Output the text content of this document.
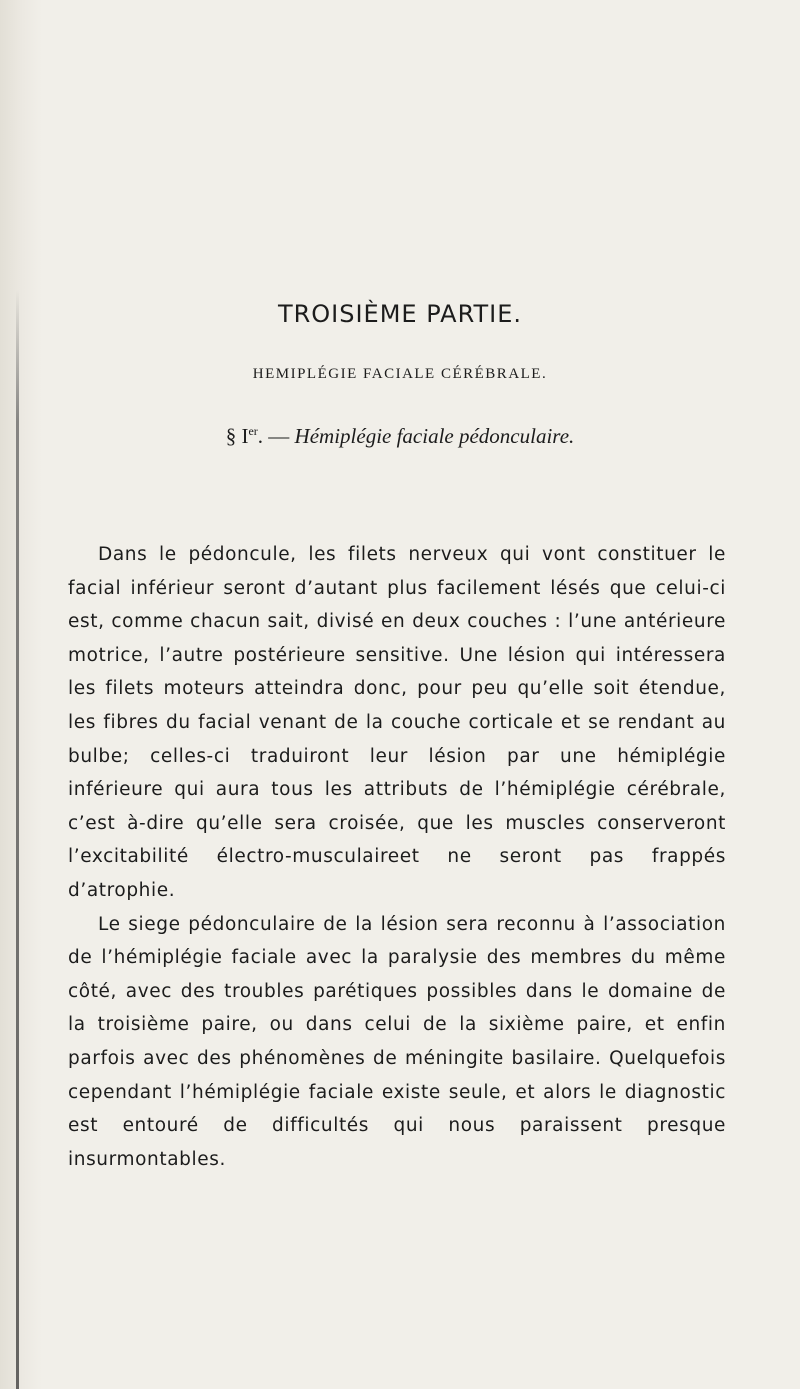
TROISIÈME PARTIE.
HEMIPLÉGIE FACIALE CÉRÉBRALE.
§ Ier. — Hémiplégie faciale pédonculaire.

Dans le pédoncule, les filets nerveux qui vont constituer le facial inférieur seront d’autant plus facilement lésés que celui-ci est, comme chacun sait, divisé en deux couches : l’une antérieure motrice, l’autre postérieure sensitive. Une lésion qui intéressera les filets moteurs atteindra donc, pour peu qu’elle soit étendue, les fibres du facial venant de la couche corticale et se rendant au bulbe; celles-ci traduiront leur lésion par une hémiplégie inférieure qui aura tous les attributs de l’hémiplégie cérébrale, c’est à-dire qu’elle sera croisée, que les muscles conserveront l’excitabilité électro-musculaireet ne seront pas frappés d’atrophie.

Le siege pédonculaire de la lésion sera reconnu à l’association de l’hémiplégie faciale avec la paralysie des membres du même côté, avec des troubles parétiques possibles dans le domaine de la troisième paire, ou dans celui de la sixième paire, et enfin parfois avec des phénomènes de méningite basilaire. Quelquefois cependant l’hémiplégie faciale existe seule, et alors le diagnostic est entouré de difficultés qui nous paraissent presque insurmontables.
